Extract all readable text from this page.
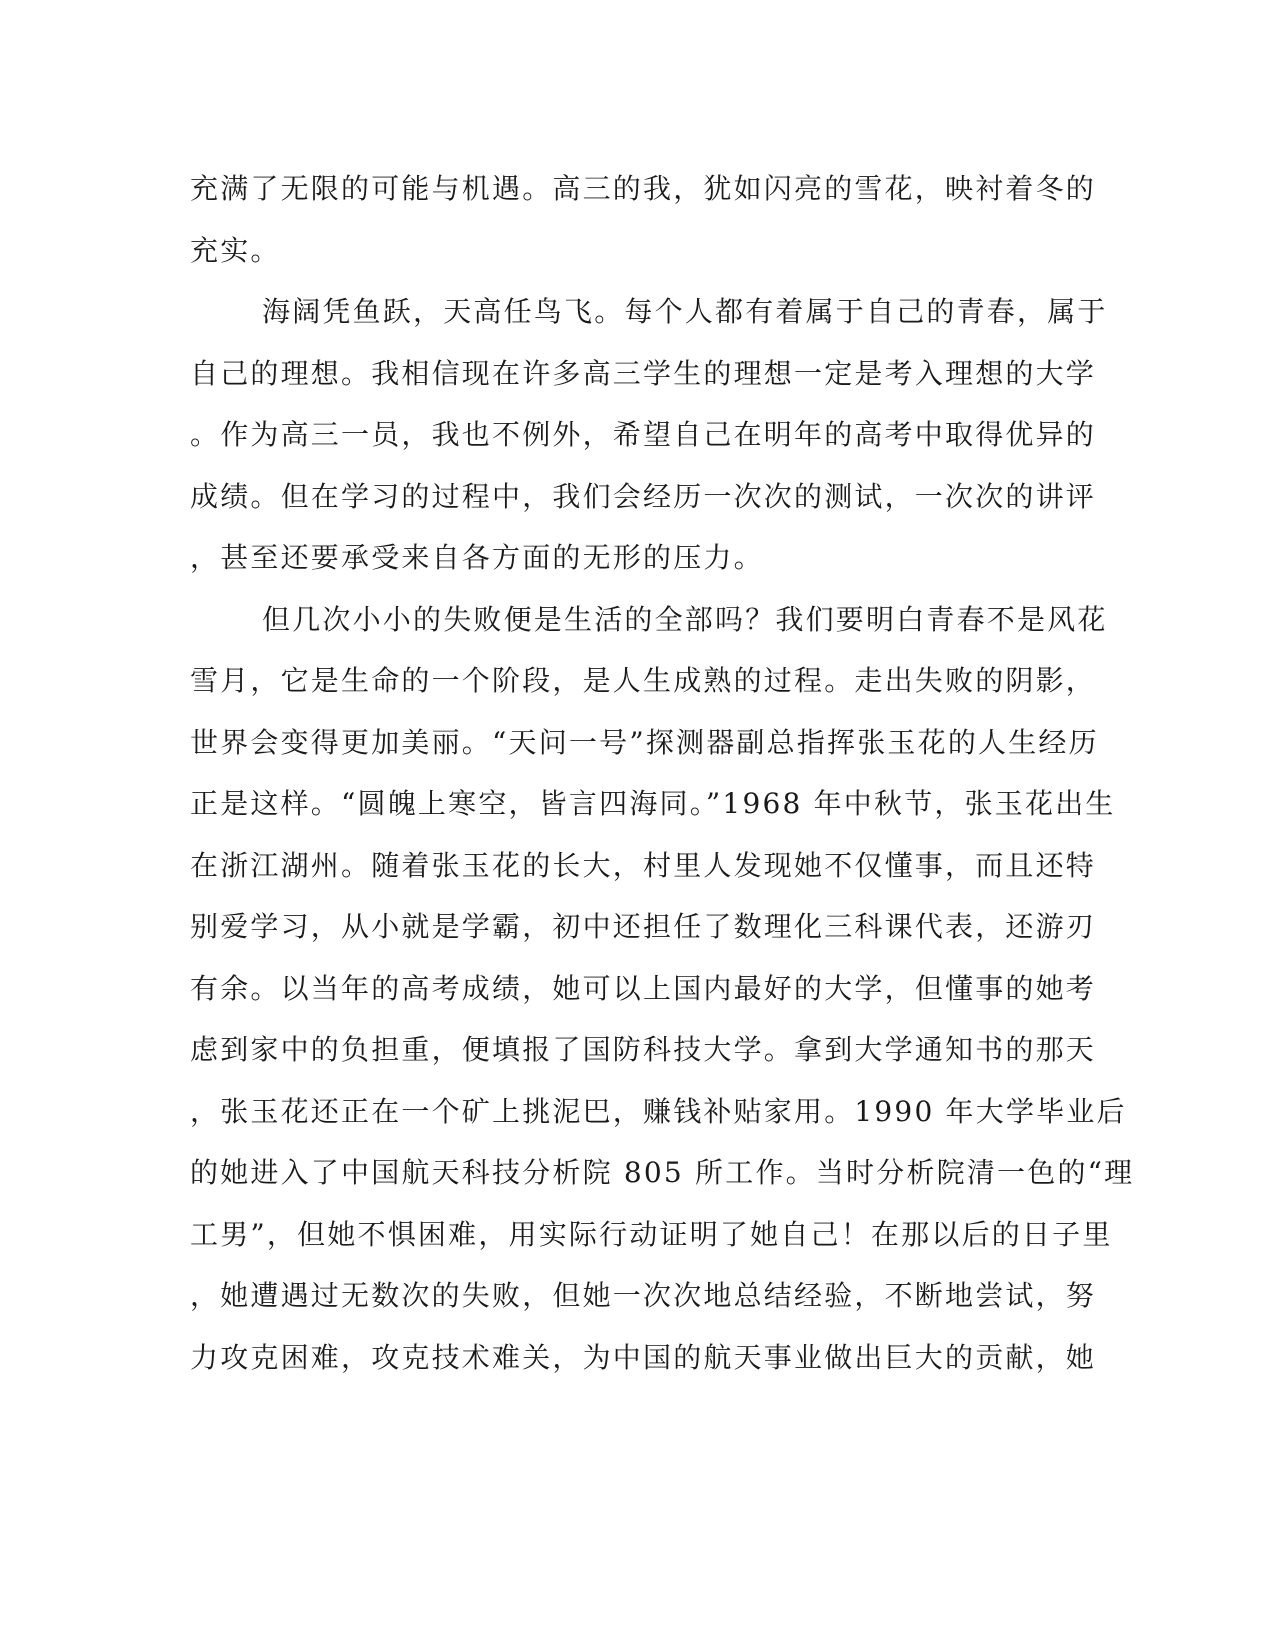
充满了无限的可能与机遇。高三的我，犹如闪亮的雪花，映衬着冬的
充实。
海阔凭鱼跃，天高任鸟飞。每个人都有着属于自己的青春，属于
自己的理想。我相信现在许多高三学生的理想一定是考入理想的大学
。作为高三一员，我也不例外，希望自己在明年的高考中取得优异的
成绩。但在学习的过程中，我们会经历一次次的测试，一次次的讲评
，甚至还要承受来自各方面的无形的压力。
但几次小小的失败便是生活的全部吗？我们要明白青春不是风花
雪月，它是生命的一个阶段，是人生成熟的过程。走出失败的阴影，
世界会变得更加美丽。“天问一号”探测器副总指挥张玉花的人生经历
正是这样。“圆魄上寒空，皆言四海同。”1968 年中秋节，张玉花出生
在浙江湖州。随着张玉花的长大，村里人发现她不仅懂事，而且还特
别爱学习，从小就是学霸，初中还担任了数理化三科课代表，还游刃
有余。以当年的高考成绩，她可以上国内最好的大学，但懂事的她考
虑到家中的负担重，便填报了国防科技大学。拿到大学通知书的那天
，张玉花还正在一个矿上挑泥巴，赚钱补贴家用。1990 年大学毕业后
的她进入了中国航天科技分析院 805 所工作。当时分析院清一色的“理
工男”，但她不惧困难，用实际行动证明了她自己！在那以后的日子里
，她遭遇过无数次的失败，但她一次次地总结经验，不断地尝试，努
力攻克困难，攻克技术难关，为中国的航天事业做出巨大的贡献，她
